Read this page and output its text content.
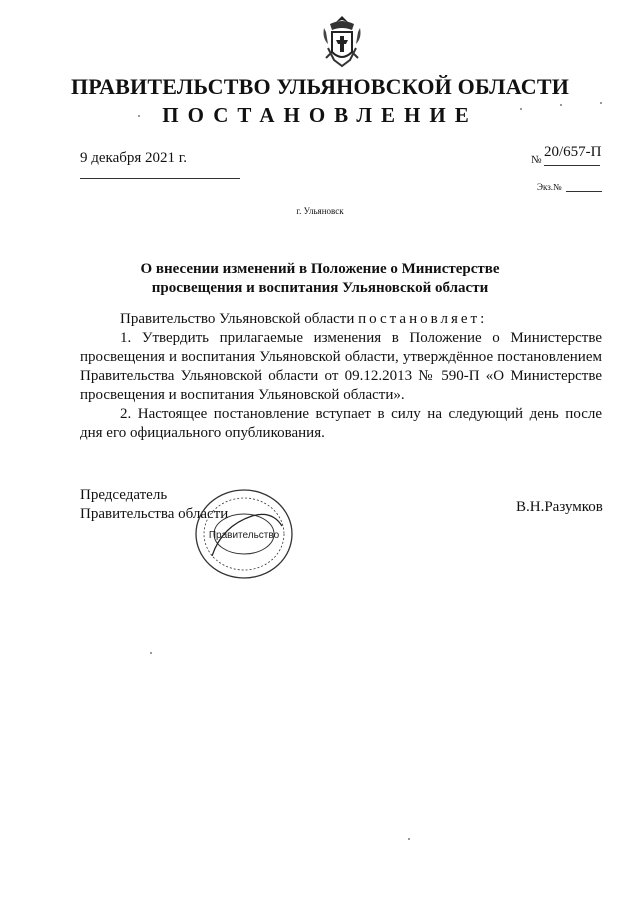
ПРАВИТЕЛЬСТВО УЛЬЯНОВСКОЙ ОБЛАСТИ
ПОСТАНОВЛЕНИЕ
9 декабря 2021 г.	№ 20/657-П
Экз.№
г. Ульяновск
О внесении изменений в Положение о Министерстве просвещения и воспитания Ульяновской области

Правительство Ульяновской области постановляет:

1. Утвердить прилагаемые изменения в Положение о Министерстве просвещения и воспитания Ульяновской области, утверждённое постановлением Правительства Ульяновской области от 09.12.2013 № 590-П «О Министерстве просвещения и воспитания Ульяновской области».

2. Настоящее постановление вступает в силу на следующий день после дня его официального опубликования.

Председатель
Правительства области	В.Н.Разумков
Правительство
